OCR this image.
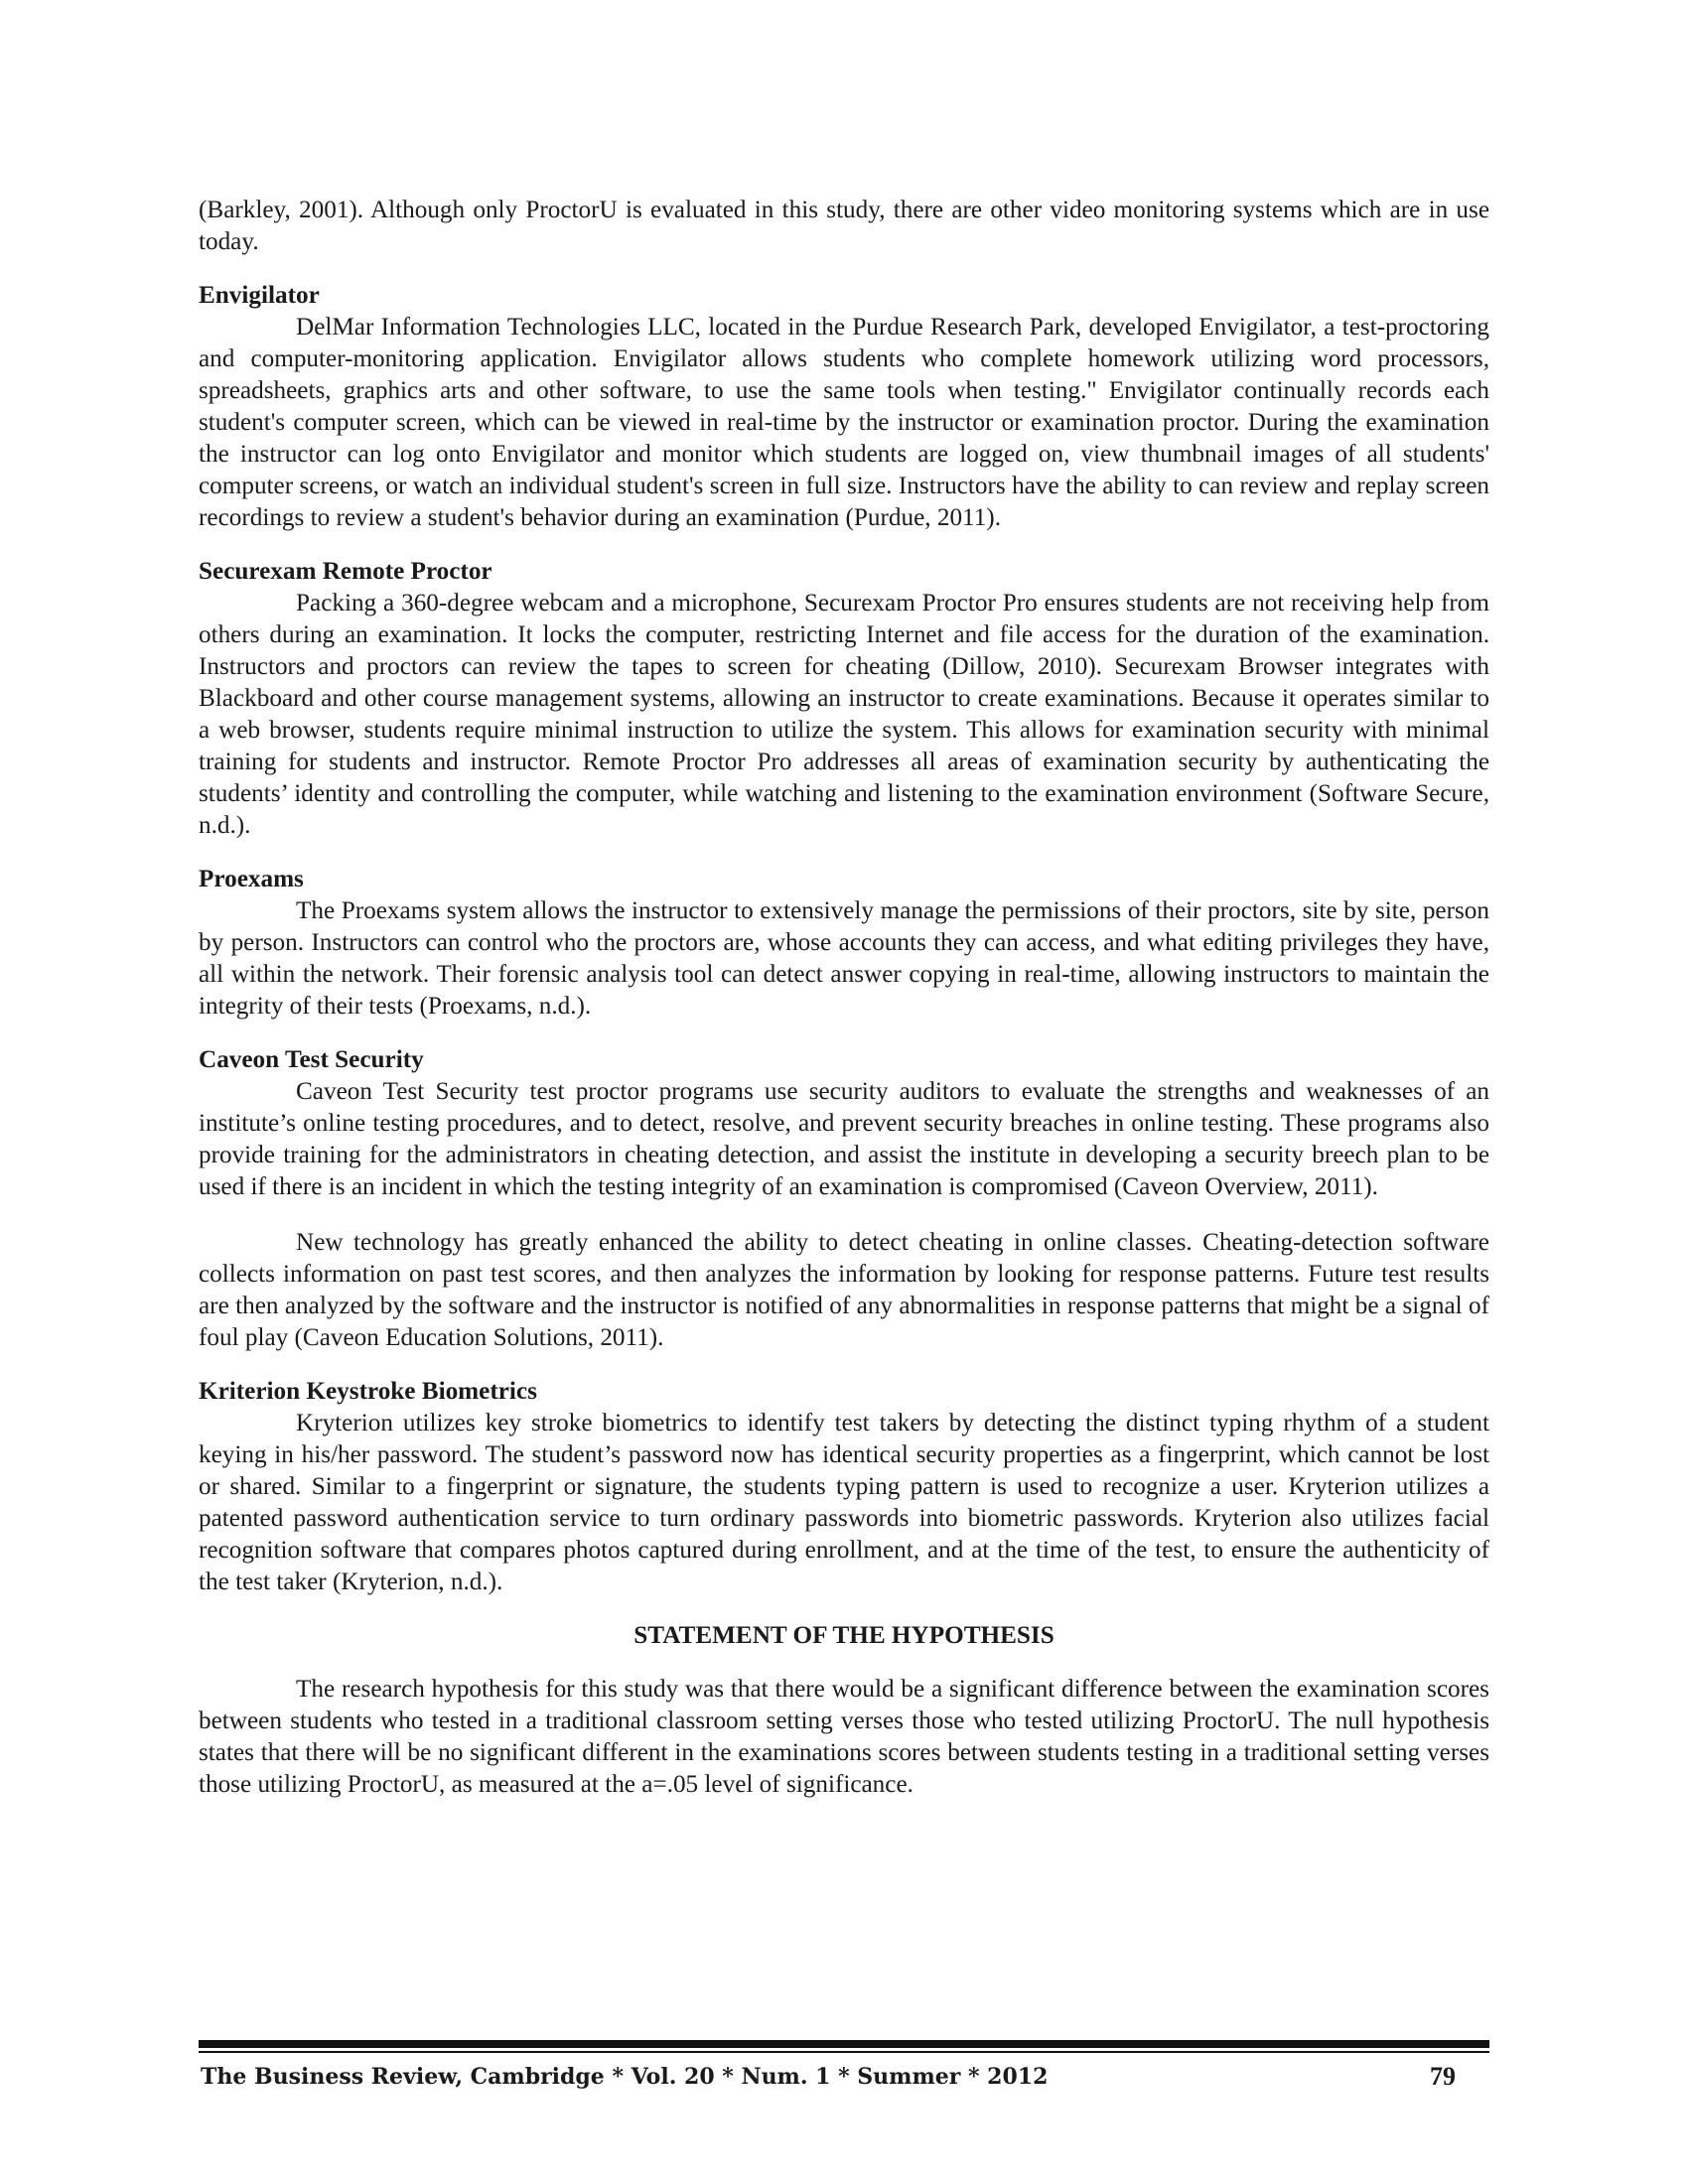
(Barkley, 2001). Although only ProctorU is evaluated in this study, there are other video monitoring systems which are in use today.

Envigilator

DelMar Information Technologies LLC, located in the Purdue Research Park, developed Envigilator, a test-proctoring and computer-monitoring application. Envigilator allows students who complete homework utilizing word processors, spreadsheets, graphics arts and other software, to use the same tools when testing." Envigilator continually records each student's computer screen, which can be viewed in real-time by the instructor or examination proctor. During the examination the instructor can log onto Envigilator and monitor which students are logged on, view thumbnail images of all students' computer screens, or watch an individual student's screen in full size. Instructors have the ability to can review and replay screen recordings to review a student's behavior during an examination (Purdue, 2011).

Securexam Remote Proctor

Packing a 360-degree webcam and a microphone, Securexam Proctor Pro ensures students are not receiving help from others during an examination. It locks the computer, restricting Internet and file access for the duration of the examination. Instructors and proctors can review the tapes to screen for cheating (Dillow, 2010). Securexam Browser integrates with Blackboard and other course management systems, allowing an instructor to create examinations. Because it operates similar to a web browser, students require minimal instruction to utilize the system. This allows for examination security with minimal training for students and instructor. Remote Proctor Pro addresses all areas of examination security by authenticating the students’ identity and controlling the computer, while watching and listening to the examination environment (Software Secure, n.d.).

Proexams

The Proexams system allows the instructor to extensively manage the permissions of their proctors, site by site, person by person. Instructors can control who the proctors are, whose accounts they can access, and what editing privileges they have, all within the network. Their forensic analysis tool can detect answer copying in real-time, allowing instructors to maintain the integrity of their tests (Proexams, n.d.).

Caveon Test Security

Caveon Test Security test proctor programs use security auditors to evaluate the strengths and weaknesses of an institute’s online testing procedures, and to detect, resolve, and prevent security breaches in online testing. These programs also provide training for the administrators in cheating detection, and assist the institute in developing a security breech plan to be used if there is an incident in which the testing integrity of an examination is compromised (Caveon Overview, 2011).

New technology has greatly enhanced the ability to detect cheating in online classes. Cheating-detection software collects information on past test scores, and then analyzes the information by looking for response patterns. Future test results are then analyzed by the software and the instructor is notified of any abnormalities in response patterns that might be a signal of foul play (Caveon Education Solutions, 2011).

Kriterion Keystroke Biometrics

Kryterion utilizes key stroke biometrics to identify test takers by detecting the distinct typing rhythm of a student keying in his/her password. The student’s password now has identical security properties as a fingerprint, which cannot be lost or shared. Similar to a fingerprint or signature, the students typing pattern is used to recognize a user. Kryterion utilizes a patented password authentication service to turn ordinary passwords into biometric passwords. Kryterion also utilizes facial recognition software that compares photos captured during enrollment, and at the time of the test, to ensure the authenticity of the test taker (Kryterion, n.d.).

STATEMENT OF THE HYPOTHESIS

The research hypothesis for this study was that there would be a significant difference between the examination scores between students who tested in a traditional classroom setting verses those who tested utilizing ProctorU. The null hypothesis states that there will be no significant different in the examinations scores between students testing in a traditional setting verses those utilizing ProctorU, as measured at the a=.05 level of significance.

The Business Review, Cambridge * Vol. 20 * Num. 1 * Summer * 2012	79
